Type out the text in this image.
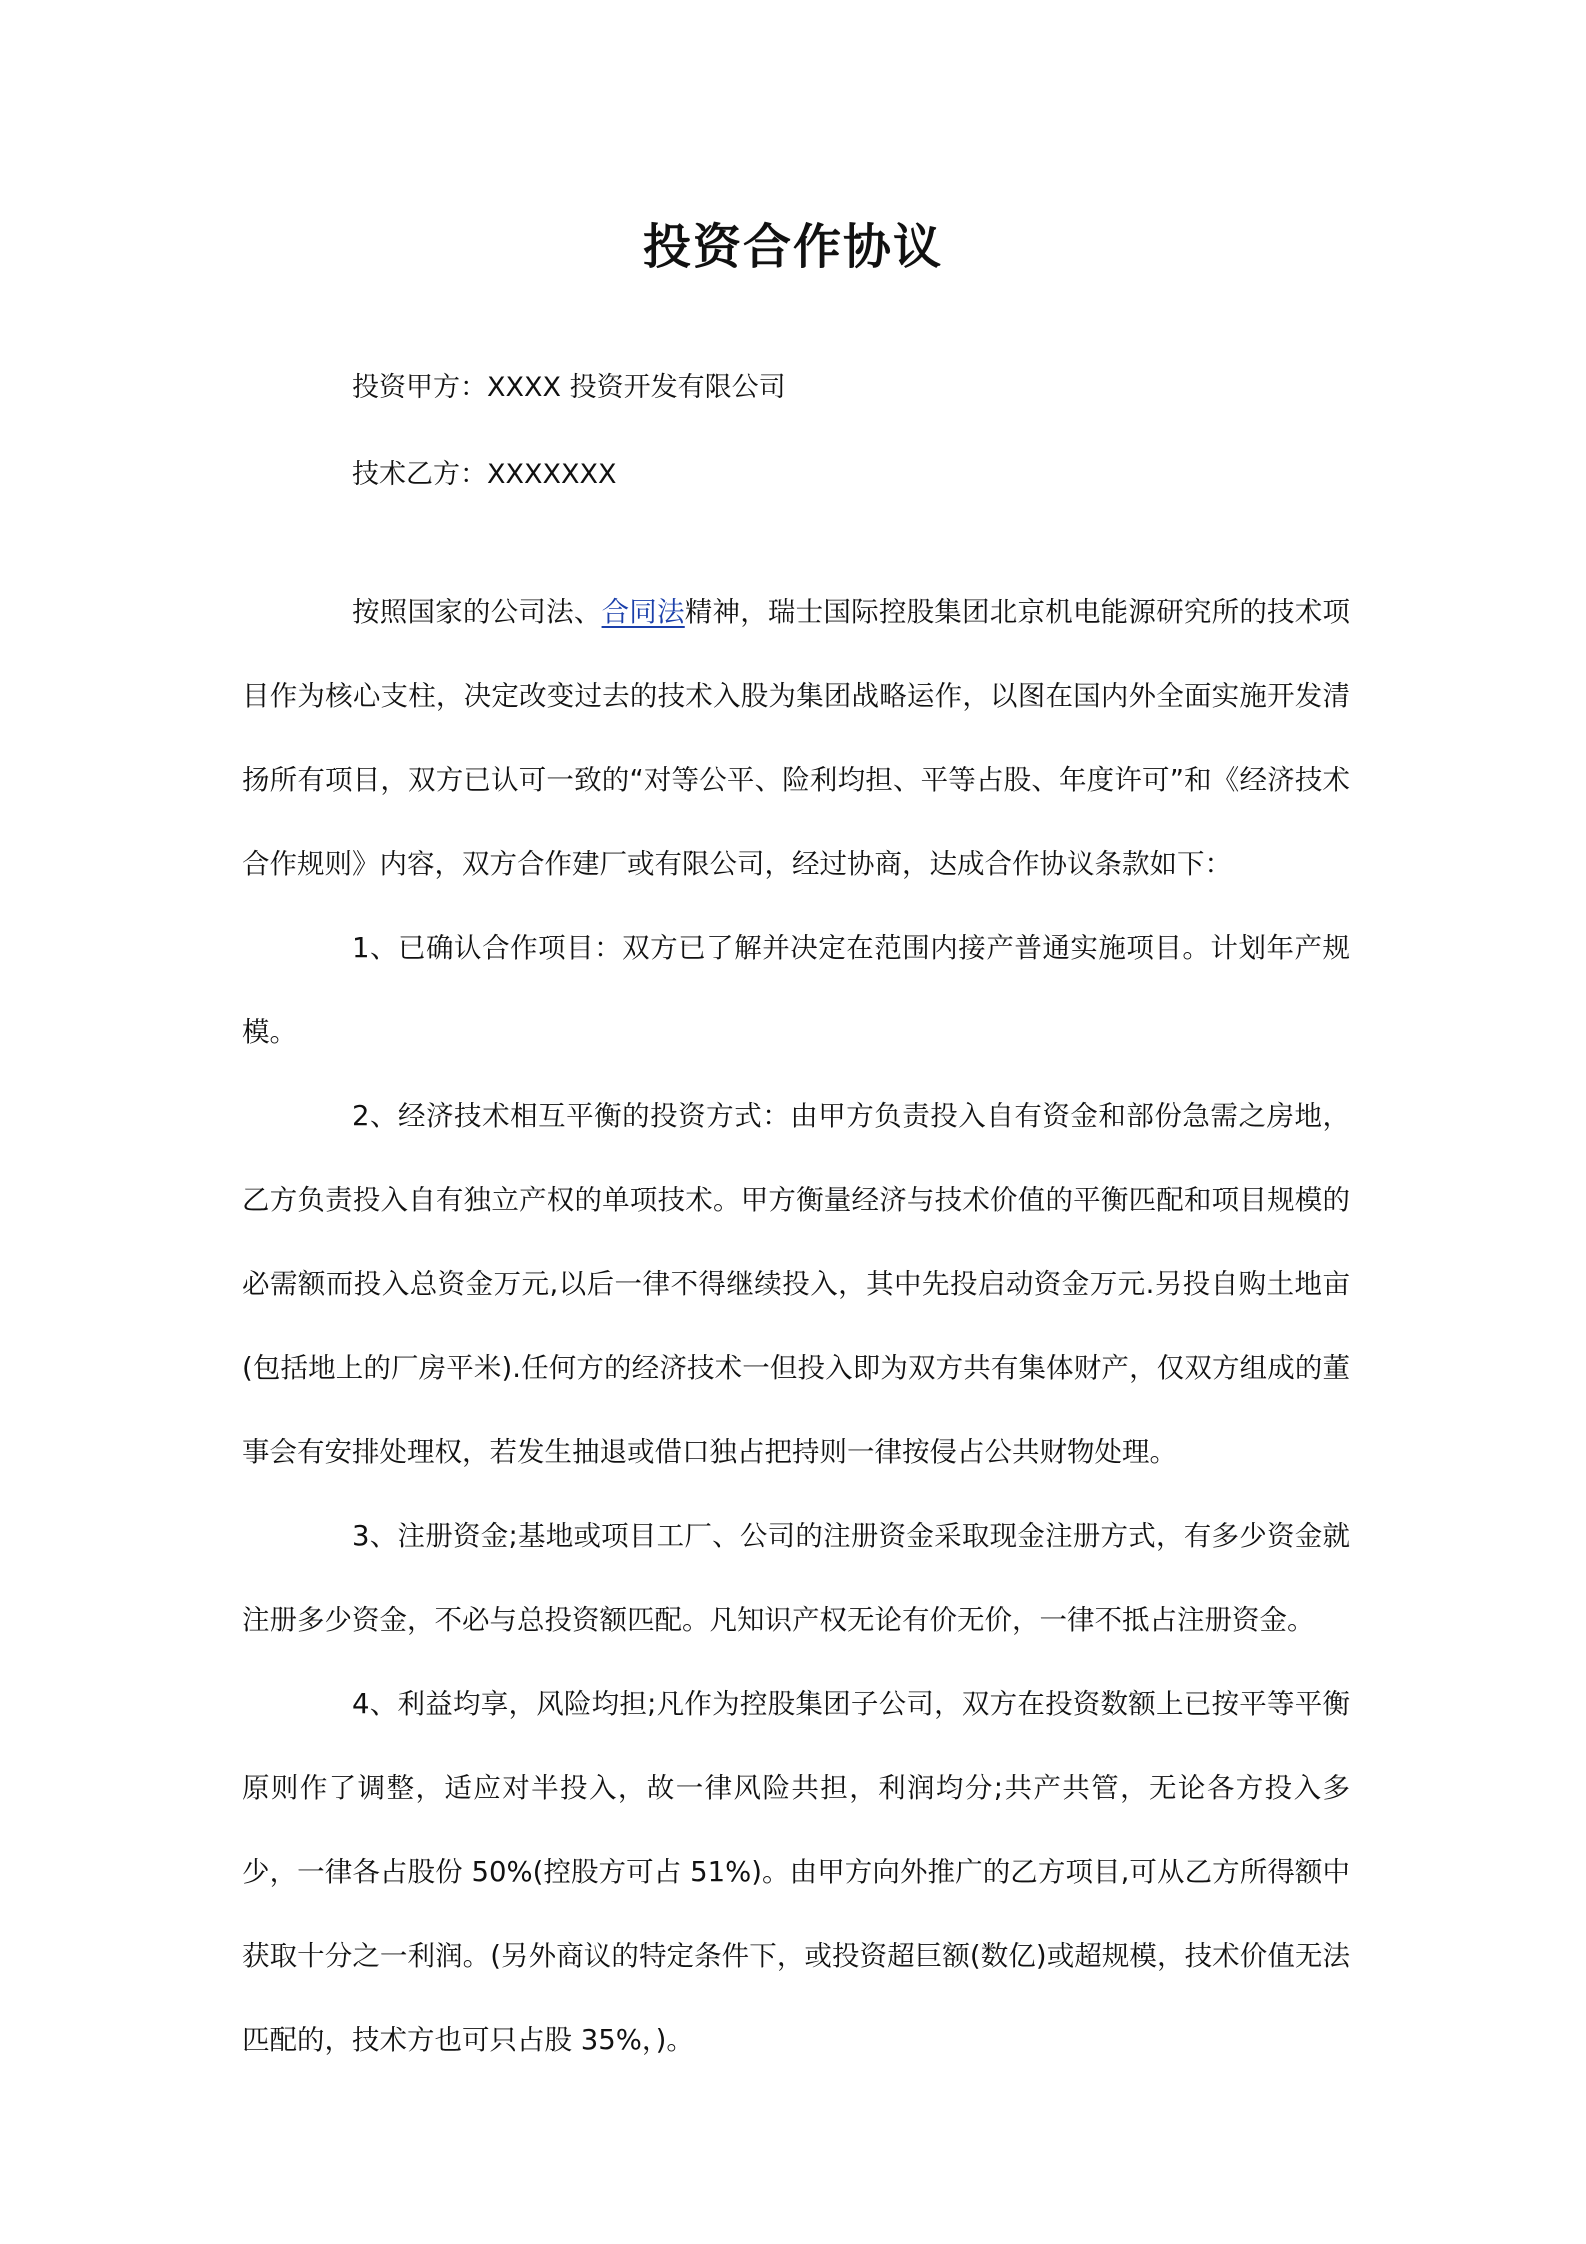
投资合作协议
投资甲方：XXXX 投资开发有限公司
技术乙方：XXXXXXX

按照国家的公司法、合同法精神，瑞士国际控股集团北京机电能源研究所的技术项目作为核心支柱，决定改变过去的技术入股为集团战略运作，以图在国内外全面实施开发清扬所有项目，双方已认可一致的“对等公平、险利均担、平等占股、年度许可”和《经济技术合作规则》内容，双方合作建厂或有限公司，经过协商，达成合作协议条款如下：

1、已确认合作项目：双方已了解并决定在范围内接产普通实施项目。计划年产规模。

2、经济技术相互平衡的投资方式：由甲方负责投入自有资金和部份急需之房地，乙方负责投入自有独立产权的单项技术。甲方衡量经济与技术价值的平衡匹配和项目规模的必需额而投入总资金万元,以后一律不得继续投入，其中先投启动资金万元.另投自购土地亩(包括地上的厂房平米).任何方的经济技术一但投入即为双方共有集体财产，仅双方组成的董事会有安排处理权，若发生抽退或借口独占把持则一律按侵占公共财物处理。

3、注册资金;基地或项目工厂、公司的注册资金采取现金注册方式，有多少资金就注册多少资金，不必与总投资额匹配。凡知识产权无论有价无价，一律不抵占注册资金。

4、利益均享，风险均担;凡作为控股集团子公司，双方在投资数额上已按平等平衡原则作了调整，适应对半投入，故一律风险共担，利润均分;共产共管，无论各方投入多少，一律各占股份 50%(控股方可占 51%)。由甲方向外推广的乙方项目,可从乙方所得额中获取十分之一利润。(另外商议的特定条件下，或投资超巨额(数亿)或超规模，技术价值无法匹配的，技术方也可只占股 35%，)。
